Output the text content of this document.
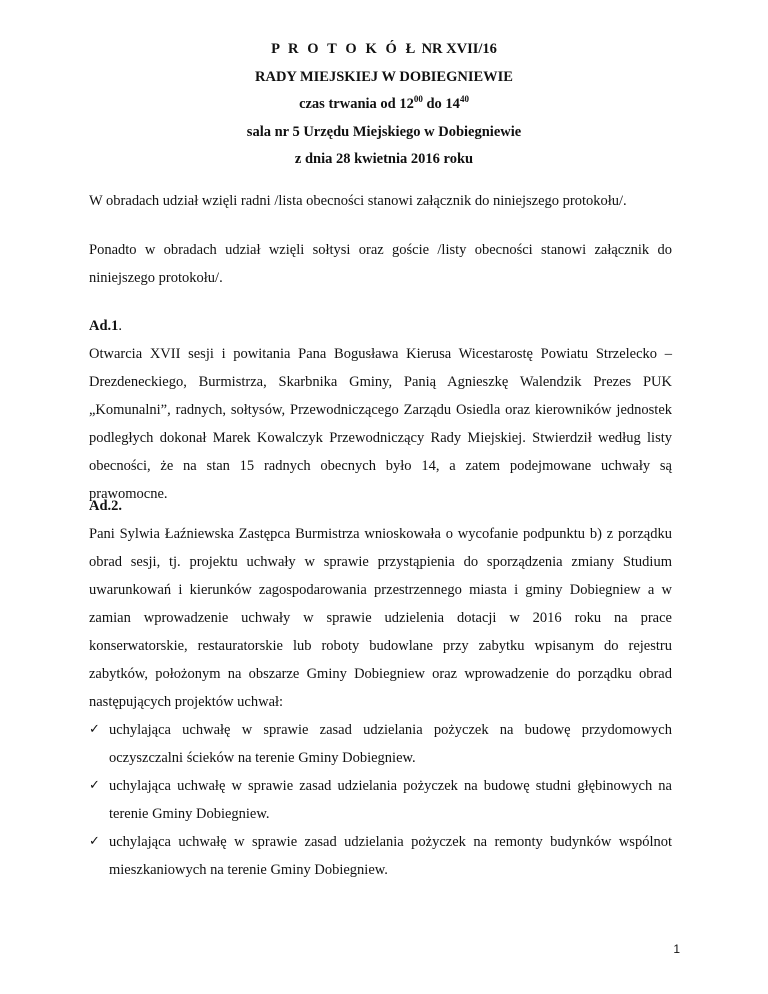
P R O T O K Ó Ł NR XVII/16
RADY MIEJSKIEJ W DOBIEGNIEWIE
czas trwania od $12^{00}$ do $14^{40}$
sala nr 5 Urzędu Miejskiego w Dobiegniewie
z dnia 28 kwietnia 2016 roku

W obradach udział wzięli radni /lista obecności stanowi załącznik do niniejszego protokołu/.

Ponadto w obradach udział wzięli sołtysi oraz goście /listy obecności stanowi załącznik do niniejszego protokołu/.

Ad.1.

Otwarcia XVII sesji i powitania Pana Bogusława Kierusa Wicestarostę Powiatu Strzelecko – Drezdeneckiego, Burmistrza, Skarbnika Gminy, Panią Agnieszkę Walendzik Prezes PUK „Komunalni”, radnych, sołtysów, Przewodniczącego Zarządu Osiedla oraz kierowników jednostek podległych dokonał Marek Kowalczyk Przewodniczący Rady Miejskiej. Stwierdził według listy obecności, że na stan 15 radnych obecnych było 14, a zatem podejmowane uchwały są prawomocne.

Ad.2.

Pani Sylwia Łaźniewska Zastępca Burmistrza wnioskowała o wycofanie podpunktu b) z porządku obrad sesji, tj. projektu uchwały w sprawie przystąpienia do sporządzenia zmiany Studium uwarunkowań i kierunków zagospodarowania przestrzennego miasta i gminy Dobiegniew a w zamian wprowadzenie uchwały w sprawie udzielenia dotacji w 2016 roku na prace konserwatorskie, restauratorskie lub roboty budowlane przy zabytku wpisanym do rejestru zabytków, położonym na obszarze Gminy Dobiegniew oraz wprowadzenie do porządku obrad następujących projektów uchwał:

✓ uchylająca uchwałę w sprawie zasad udzielania pożyczek na budowę przydomowych oczyszczalni ścieków na terenie Gminy Dobiegniew.
✓ uchylająca uchwałę w sprawie zasad udzielania pożyczek na budowę studni głębinowych na terenie Gminy Dobiegniew.
✓ uchylająca uchwałę w sprawie zasad udzielania pożyczek na remonty budynków wspólnot mieszkaniowych na terenie Gminy Dobiegniew.
1
